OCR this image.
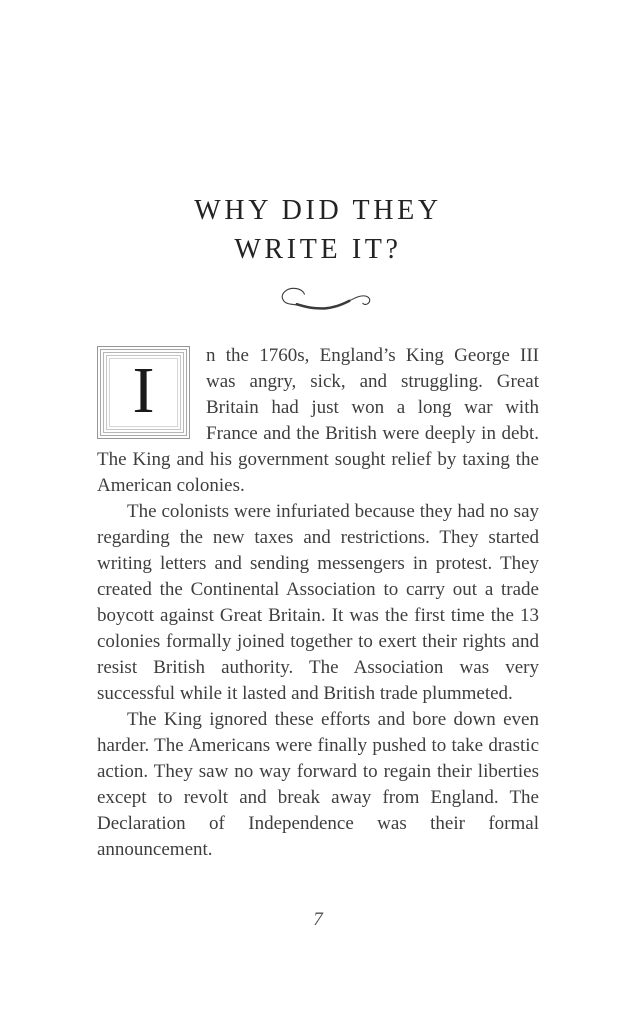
WHY DID THEY
WRITE IT?

I	n the 1760s, England’s King George III was angry, sick, and struggling. Great Britain had just won a long war with France and the British were deeply in debt. The King and his government sought relief by taxing the American colonies.

The colonists were infuriated because they had no say regarding the new taxes and restrictions. They started writing letters and sending messengers in protest. They created the Continental Association to carry out a trade boycott against Great Britain. It was the first time the 13 colonies formally joined together to exert their rights and resist British authority. The Association was very successful while it lasted and British trade plummeted.

The King ignored these efforts and bore down even harder. The Americans were finally pushed to take drastic action. They saw no way forward to regain their liberties except to revolt and break away from England. The Declaration of Independence was their formal announcement.

7
